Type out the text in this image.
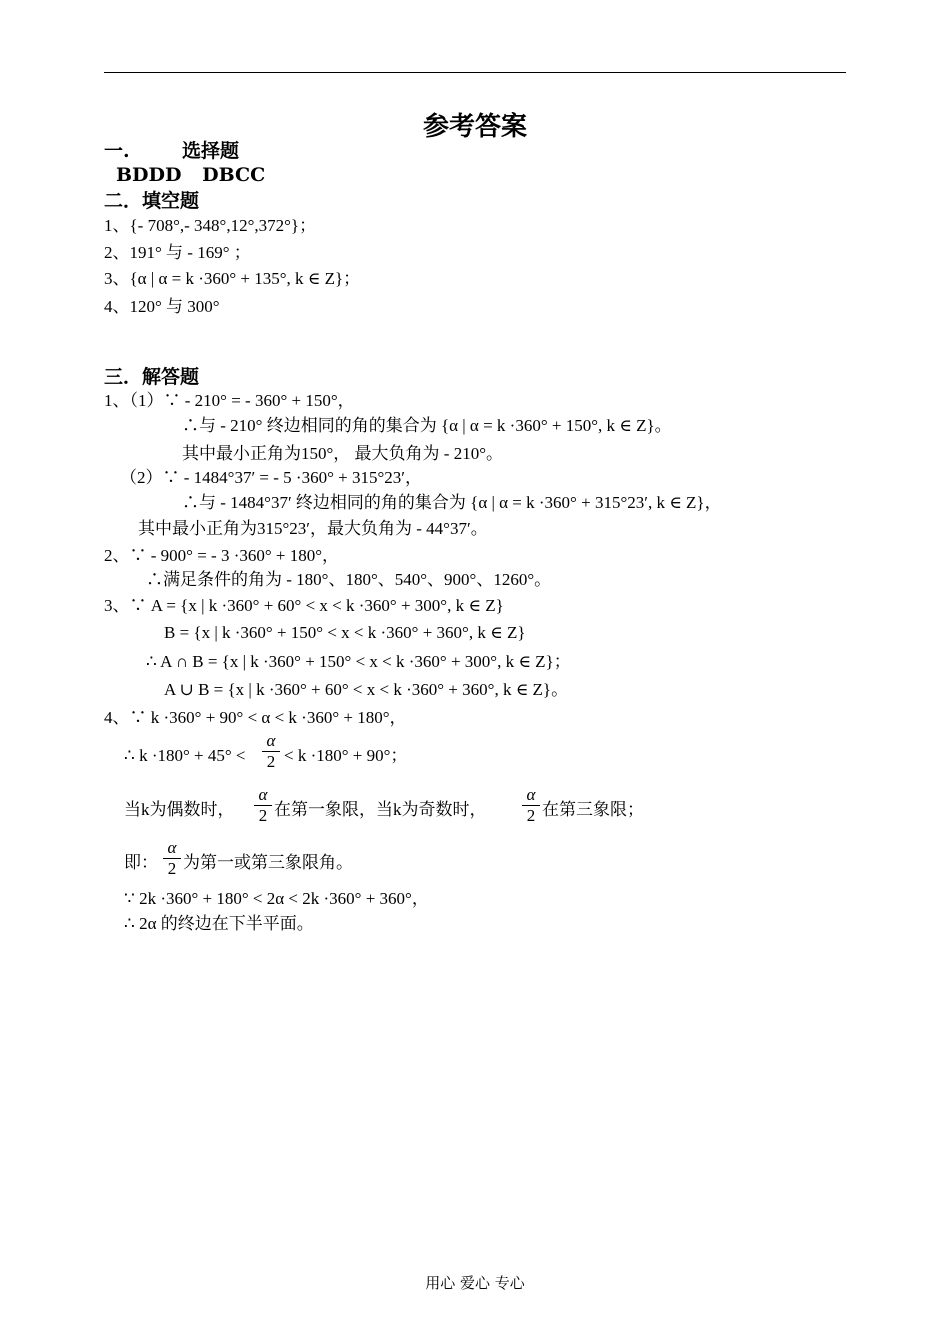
参考答案
一.	选择题
BDDD DBCC
二．填空题
1、{- 708°,- 348°,12°,372°}；
2、191° 与 - 169° ；
3、{α | α = k ·360° + 135°, k ∈ Z}；
4、120° 与 300°
三．解答题
1、（1）∵ - 210° = - 360° + 150°，
∴与 - 210° 终边相同的角的集合为 {α | α = k ·360° + 150°, k ∈ Z}。
其中最小正角为150°， 最大负角为 - 210°。
（2）∵ - 1484°37′ = - 5 ·360° + 315°23′，
∴与 - 1484°37′ 终边相同的角的集合为 {α | α = k ·360° + 315°23′, k ∈ Z}，
其中最小正角为315°23′，最大负角为 - 44°37′。
2、∵ - 900° = - 3 ·360° + 180°，
∴满足条件的角为 - 180°、180°、540°、900°、1260°。
3、∵ A = {x | k ·360° + 60° < x < k ·360° + 300°, k ∈ Z}
B = {x | k ·360° + 150° < x < k ·360° + 360°, k ∈ Z}
∴ A ∩ B = {x | k ·360° + 150° < x < k ·360° + 300°, k ∈ Z}；
A ∪ B = {x | k ·360° + 60° < x < k ·360° + 360°, k ∈ Z}。
4、∵ k ·360° + 90° < α < k ·360° + 180°，
∴ k ·180° + 45° <
α
2 < k ·180° + 90°；
当k为偶数时，
α
2 在第一象限，当k为奇数时，
α
2 在第三象限；
即：
α
2 为第一或第三象限角。
∵ 2k ·360° + 180° < 2α < 2k ·360° + 360°，
∴ 2α 的终边在下半平面。
用心 爱心 专心
